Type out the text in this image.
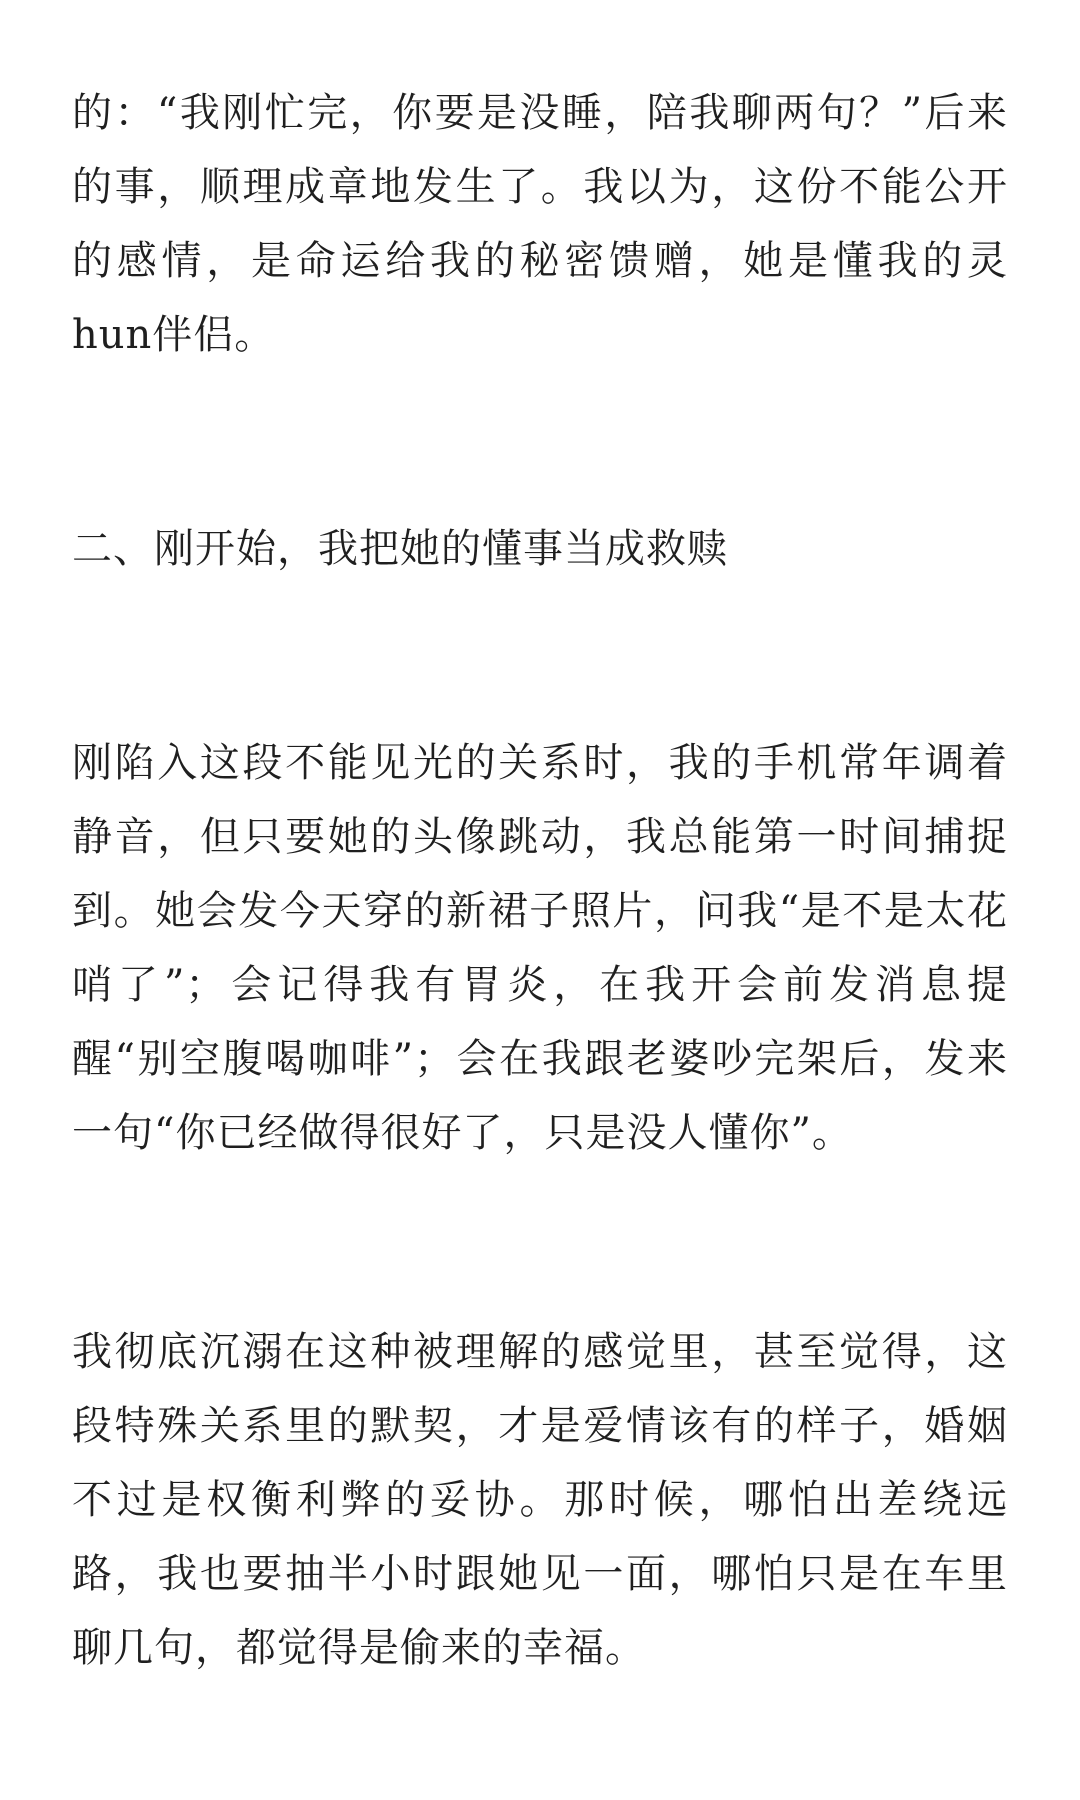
的：“我刚忙完，你要是没睡，陪我聊两句？”后来的事，顺理成章地发生了。我以为，这份不能公开的感情，是命运给我的秘密馈赠，她是懂我的灵hun伴侣。

二、刚开始，我把她的懂事当成救赎

刚陷入这段不能见光的关系时，我的手机常年调着静音，但只要她的头像跳动，我总能第一时间捕捉到。她会发今天穿的新裙子照片，问我“是不是太花哨了”；会记得我有胃炎，在我开会前发消息提醒“别空腹喝咖啡”；会在我跟老婆吵完架后，发来一句“你已经做得很好了，只是没人懂你”。

我彻底沉溺在这种被理解的感觉里，甚至觉得，这段特殊关系里的默契，才是爱情该有的样子，婚姻不过是权衡利弊的妥协。那时候，哪怕出差绕远路，我也要抽半小时跟她见一面，哪怕只是在车里聊几句，都觉得是偷来的幸福。
